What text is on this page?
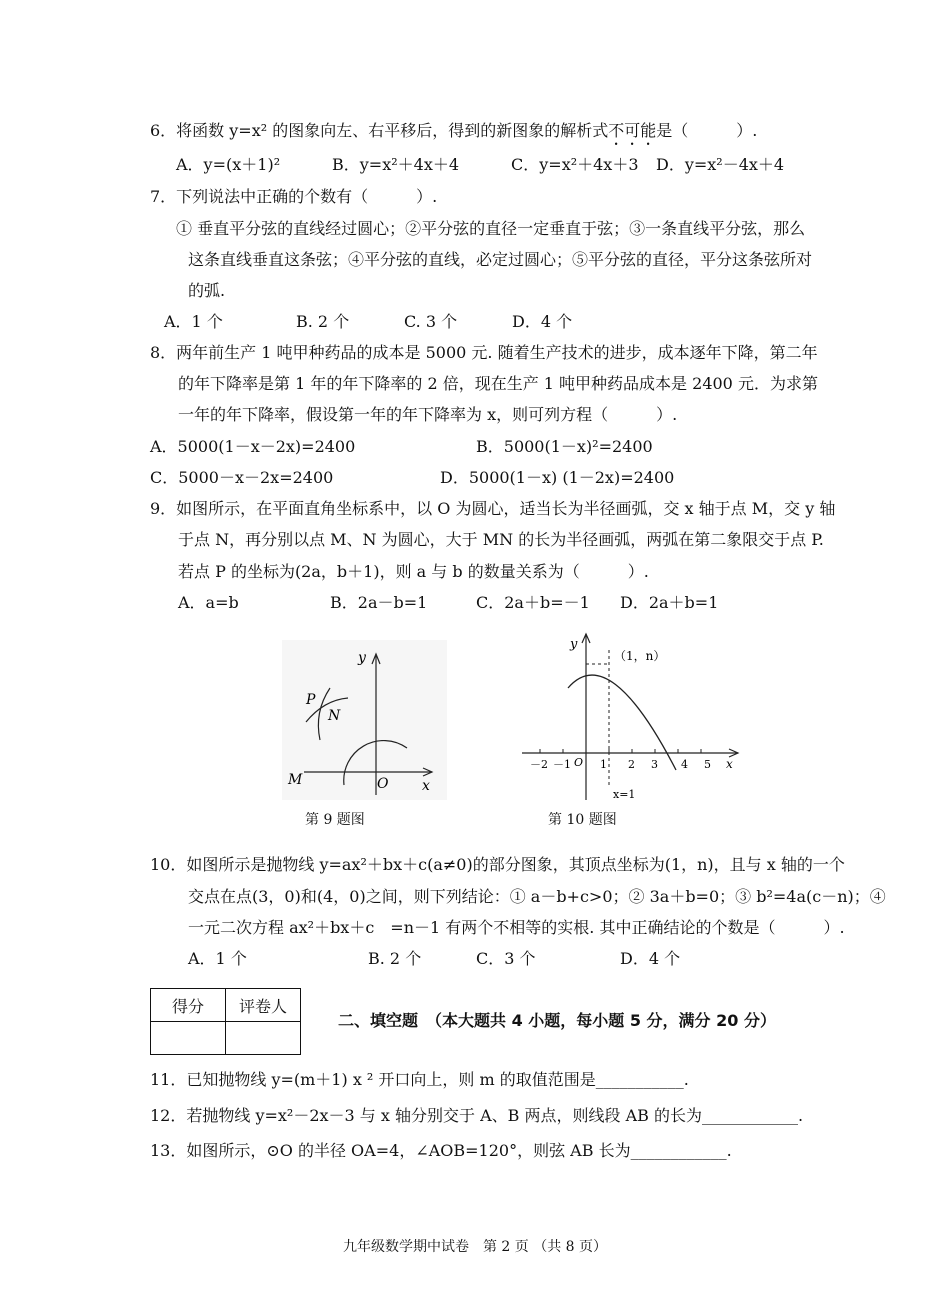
6．将函数 y=x² 的图象向左、右平移后，得到的新图象的解析式不可能是（　　　）.
A．y=(x＋1)²	B．y=x²＋4x＋4	C．y=x²＋4x＋3 D．y=x²－4x＋4
7．下列说法中正确的个数有（　　　）.
① 垂直平分弦的直线经过圆心；②平分弦的直径一定垂直于弦；③一条直线平分弦，那么
这条直线垂直这条弦；④平分弦的直线，必定过圆心；⑤平分弦的直径，平分这条弦所对
的弧.
A．1 个	B. 2 个	C. 3 个	D．4 个
8．两年前生产 1 吨甲种药品的成本是 5000 元. 随着生产技术的进步，成本逐年下降，第二年
的年下降率是第 1 年的年下降率的 2 倍，现在生产 1 吨甲种药品成本是 2400 元．为求第
一年的年下降率，假设第一年的年下降率为 x，则可列方程（　　　）.
A．5000(1－x－2x)=2400	B．5000(1－x)²=2400
C．5000－x－2x=2400	D．5000(1－x) (1－2x)=2400
9．如图所示，在平面直角坐标系中，以 O 为圆心，适当长为半径画弧，交 x 轴于点 M，交 y 轴
于点 N，再分别以点 M、N 为圆心，大于 MN 的长为半径画弧，两弧在第二象限交于点 P.
若点 P 的坐标为(2a，b＋1)，则 a 与 b 的数量关系为（　　　）.
A．a=b	B．2a－b=1	C．2a＋b=－1 D．2a＋b=1
y
P
N
M	O x
第 9 题图
y
（1，n）
O
－2 －1	1 2 3 4 5 x
x=1
第 10 题图
10．如图所示是抛物线 y=ax²＋bx＋c(a≠0)的部分图象，其顶点坐标为(1，n)，且与 x 轴的一个
交点在点(3，0)和(4，0)之间，则下列结论：① a－b+c>0；② 3a＋b=0；③ b²=4a(c－n)；④
一元二次方程 ax²＋bx＋c　=n－1 有两个不相等的实根. 其中正确结论的个数是（　　　）.
A．1 个	B. 2 个	C．3 个	D．4 个
得分	评卷人

二、填空题　（本大题共 4 小题，每小题 5 分，满分 20 分）
11．已知抛物线 y=(m＋1) x ² 开口向上，则 m 的取值范围是___________.
12．若抛物线 y=x²－2x－3 与 x 轴分别交于 A、B 两点，则线段 AB 的长为____________.
13．如图所示，⊙O 的半径 OA=4，∠AOB=120°，则弦 AB 长为____________.
九年级数学期中试卷　第 2 页 （共 8 页）
